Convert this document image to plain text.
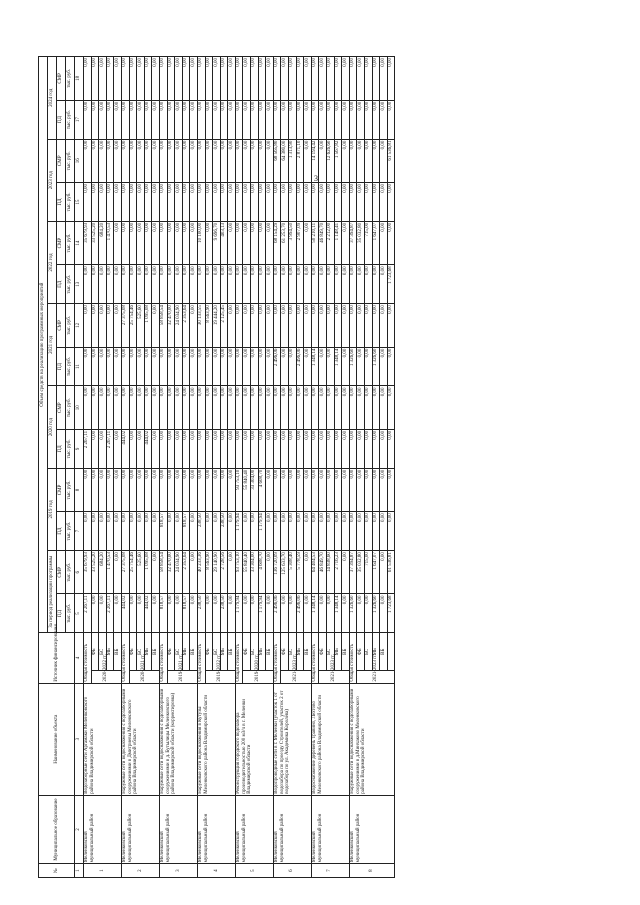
3
№	Муниципальное образование	Наименование объекта	Источник финансирования		Объем средств на реализацию программных мероприятий													
					За период реализации программы		2019 год		2020 год		2021 год		2022 год		2023 год		2024 год	
					ПД	СМР	ПД	СМР	ПД	СМР	ПД	СМР	ПД	СМР	ПД	СМР	ПД	СМР
					тыс. руб.	тыс. руб.	тыс. руб.	тыс. руб.	тыс. руб.	тыс. руб.	тыс. руб.	тыс. руб.	тыс. руб.	тыс. руб.	тыс. руб.	тыс. руб.	тыс. руб.	тыс. руб.
1	2	3	4		5	6	7	8	9	10	11	12	13	14	15	16	17	18
1	Меленковский муниципальный район	Водозаборные сети Аргамаки Меленковского района Владимирской области	Общая стоимость		2 267,11	35 679,93	0,00	0,00	2 267,11	0,00	0,00	0,00	0,00	35 679,93	0,00	0,00	0,00	0,00
			2020-2022 гг.	ФБ	0,00	33 525,20	0,00	0,00	0,00	0,00	0,00	0,00	0,00	33 525,20	0,00	0,00	0,00	0,00
				БС	0,00	684,20	0,00	0,00	0,00	0,00	0,00	0,00	0,00	684,20	0,00	0,00	0,00	0,00
				МБ	2 267,11	1 470,53	0,00	0,00	2 267,11	0,00	0,00	0,00	0,00	1 470,53	0,00	0,00	0,00	0,00
				ВБ	0,00	0,00	0,00	0,00	0,00	0,00	0,00	0,00	0,00	0,00	0,00	0,00	0,00	0,00
2	Меленковский муниципальный район	Наружные сети водоснабжения с водозаборными сооружениями в Дмитриевы Меленковского района Владимирской области	Общая стоимость		444,02	27 375,08	0,00	0,00	444,02	0,00	0,00	27 375,08	0,00	0,00	0,00	0,00	0,00	0,00
			2020-2021 гг.	ФБ	0,00	25 754,46	0,00	0,00	0,00	0,00	0,00	25 754,46	0,00	0,00	0,00	0,00	0,00	0,00
				БС	0,00	525,60	0,00	0,00	0,00	0,00	0,00	525,60	0,00	0,00	0,00	0,00	0,00	0,00
				МБ	444,02	1 095,08	0,00	0,00	444,02	0,00	0,00	1 095,08	0,00	0,00	0,00	0,00	0,00	0,00
				ВБ	0,00	0,00	0,00	0,00	0,00	0,00	0,00	0,00	0,00	0,00	0,00	0,00	0,00	0,00
3	Меленковский муниципальный район	Наружные сети водоснабжения с водозаборными сооружениями в д. Бутылицы Меленковского района Владимирской области (корректировка)	Общая стоимость		818,57	58 858,54	818,57	0,00	0,00	0,00	0,00	58 858,54	0,00	0,00	0,00	0,00	0,00	0,00
			2019-2021 гг.	ФБ	0,00	32 470,00	0,00	0,00	0,00	0,00	0,00	32 470,00	0,00	0,00	0,00	0,00	0,00	0,00
				БС	0,00	24 034,90	0,00	0,00	0,00	0,00	0,00	24 034,90	0,00	0,00	0,00	0,00	0,00	0,00
				МБ	818,57	2 353,64	818,57	0,00	0,00	0,00	0,00	2 353,64	0,00	0,00	0,00	0,00	0,00	0,00
				ВБ	0,00	0,00	0,00	0,00	0,00	0,00	0,00	0,00	0,00	0,00	0,00	0,00	0,00	0,00
4	Меленковский муниципальный район	Наружные сети водоснабжения в Кутузы Меленковского района Владимирской области	Общая стоимость		238,50	40 233,36	238,50	0,00	0,00	0,00	0,00	30 133,55	0,00	10 100,00	0,00	0,00	0,00	0,00
			2019-2022 гг.	ФБ	0,00	8 563,90	0,00	0,00	0,00	0,00	0,00	8 563,90	0,00	0,00	0,00	0,00	0,00	0,00
				БС	0,00	29 140,90	0,00	0,00	0,00	0,00	0,00	19 444,20	0,00	9 696,70	0,00	0,00	0,00	0,00
				МБ	238,50	2 728,56	238,50	0,00	0,00	0,00	0,00	2 125,45	0,00	403,13	0,00	0,00	0,00	0,00
				ВБ	0,00	0,00	0,00	0,00	0,00	0,00	0,00	0,00	0,00	0,00	0,00	0,00	0,00	0,00
5	Меленковский муниципальный район	Реконструкция городского водозабора производительностью 200 м3/ч в г. Меленки Владимирской области	Общая стоимость		1 179,94	93 753,10	1 179,94	93 753,10	0,00	0,00	0,00	0,00	0,00	0,00	0,00	0,00	0,00	0,00
			2019-2020 гг.	ФБ	0,00	55 840,40	0,00	55 840,40	0,00	0,00	0,00	0,00	0,00	0,00	0,00	0,00	0,00	0,00
				БС	0,00	33 304,00	0,00	33 304,00	0,00	0,00	0,00	0,00	0,00	0,00	0,00	0,00	0,00	0,00
				МБ	1 179,94	4 608,70	1 179,94	4 608,70	0,00	0,00	0,00	0,00	0,00	0,00	0,00	0,00	0,00	0,00
				ВБ	0,00	0,00	0,00	0,00	0,00	0,00	0,00	0,00	0,00	0,00	0,00	0,00	0,00	0,00
6	Меленковский муниципальный район	Водопроводные сети в г. Меленки (участок 1 от водозабора по проезду Строителей, участок 2 от водозабора по ул. Академика Королёва)	Общая стоимость		2 496,06	136 720,09	0,00	0,00	0,00	0,00	2 496,06	0,00	0,00	68 154,29	0,00	68 565,80	0,00	0,00
			2021-2023 гг.	ФБ	0,00	125 633,70	0,00	0,00	0,00	0,00	0,00	0,00	0,00	61 253,70	0,00	64 380,00	0,00	0,00
				БС	0,00	5 308,40	0,00	0,00	0,00	0,00	0,00	0,00	0,00	3 994,50	0,00	1 313,90	0,00	0,00
				МБ	2 496,06	5 778,59	0,00	0,00	0,00	0,00	2 496,06	0,00	0,00	2 907,09	0,00	2 871,10	0,00	0,00
				ВБ	0,00	0,00	0,00	0,00	0,00	0,00	0,00	0,00	0,00	0,00	0,00	0,00	0,00	0,00
7	Меленковский муниципальный район	Водоснабжение деревень Травино, Лехтово Меленковского района Владимирской области	Общая стоимость		1 348,14	64 404,53	0,00	0,00	0,00	0,00	1 348,14	0,00	0,00	50 210,11	0,00	14 194,42	0,00	0,00
			2021-2023 гг.	ФБ	0,00	46 849,70	0,00	0,00	0,00	0,00	0,00	0,00	0,00	46 849,70	0,00	0,00	0,00	0,00
				БС	0,00	14 838,60	0,00	0,00	0,00	0,00	0,00	0,00	0,00	2 212,00	0,00	12 626,60	0,00	0,00
				МБ	1 348,14	2 716,23	0,00	0,00	0,00	0,00	1 348,14	0,00	0,00	1 148,41	0,00	1 567,82	0,00	0,00
				ВБ	0,00	0,00	0,00	0,00	0,00	0,00	0,00	0,00	0,00	0,00	0,00	0,00	0,00	0,00
8	Меленковский муниципальный район	Наружные сети водоснабжения с водозаборными сооружениями в д.Минчаково Меленковского района Владимирской области	Общая стоимость		1 326,60	37 394,87	0,00	0,00	0,00	0,00	1 326,60	0,00	0,00	37 394,87	0,00	0,00	0,00	0,00
			2021-2023 гг.	ФБ	0,00	35 032,80	0,00	0,00	0,00	0,00	0,00	0,00	0,00	35 032,80	0,00	0,00	0,00	0,00
				БС	0,00	715,00	0,00	0,00	0,00	0,00	0,00	0,00	0,00	715,00	0,00	0,00	0,00	0,00
				МБ	1 326,60	1 647,07	0,00	0,00	0,00	0,00	1 326,60	0,00	0,00	1 647,07	0,00	0,00	0,00	0,00
				ВБ	0,00	0,00	0,00	0,00	0,00	0,00	0,00	0,00	0,00	0,00	0,00	0,00	0,00	0,00
					1 723,68	61 536,81	0,00	0,00	0,00	0,00	0,00	0,00	1 723,68	0,00	0,00	61 536,81	0,00	0,00
